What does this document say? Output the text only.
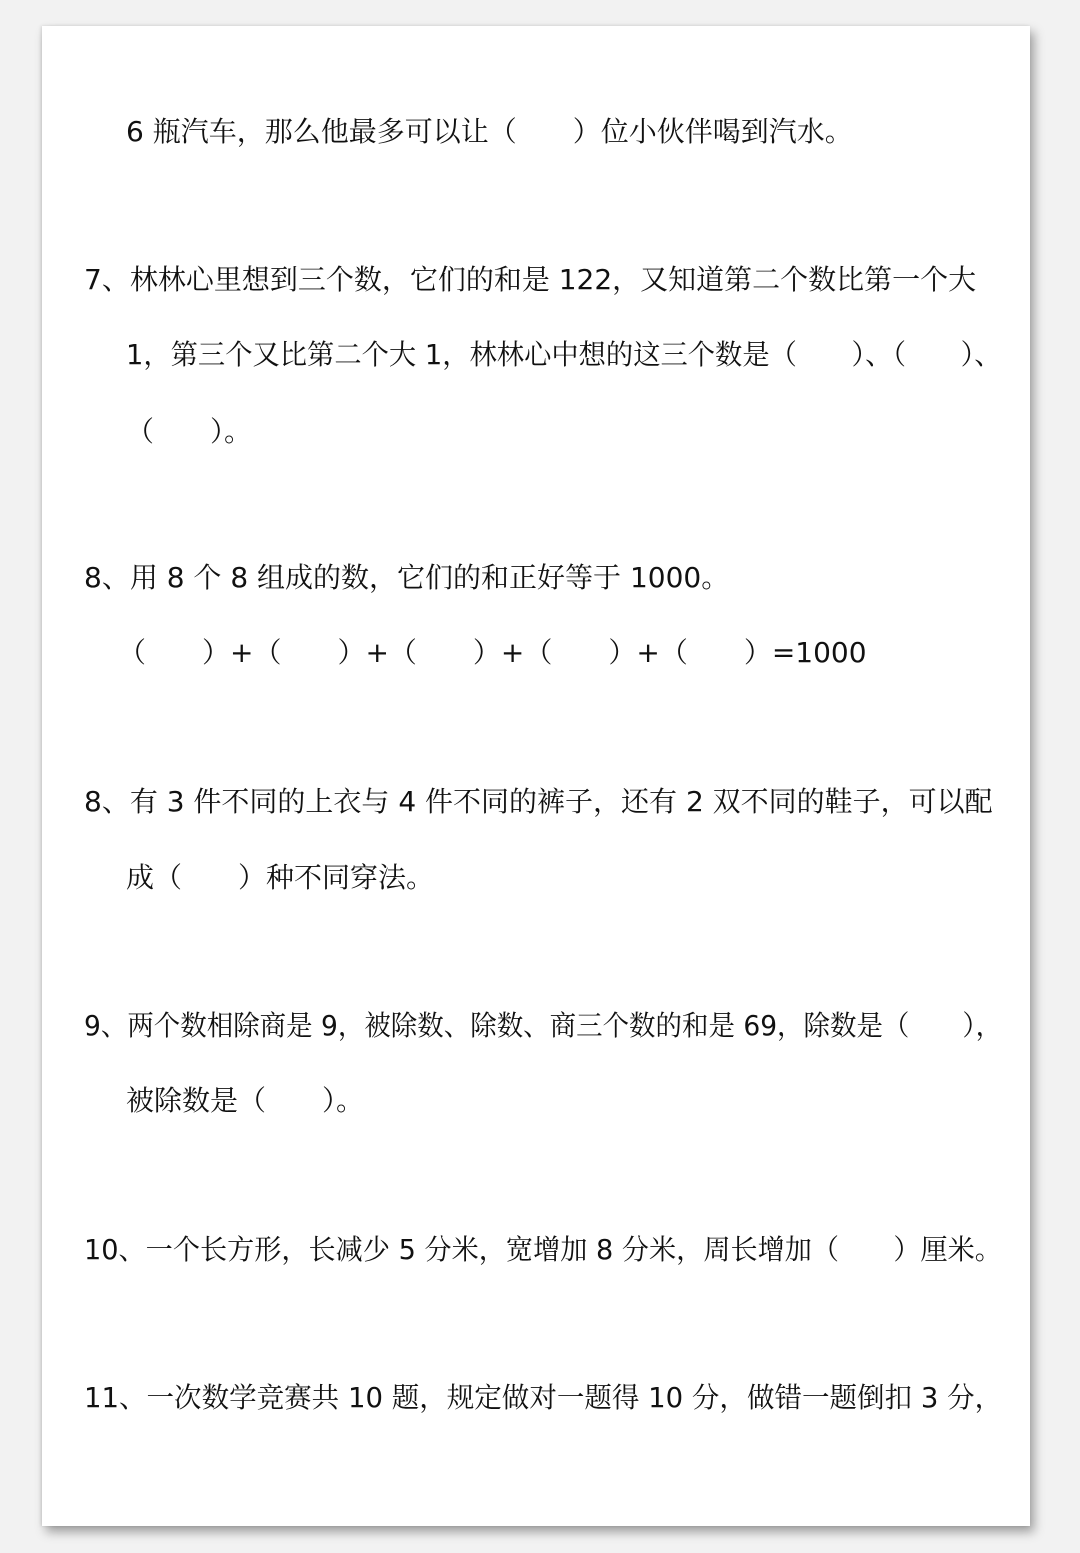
6 瓶汽车，那么他最多可以让（　　）位小伙伴喝到汽水。
7、林林心里想到三个数，它们的和是 122，又知道第二个数比第一个大
1，第三个又比第二个大 1，林林心中想的这三个数是（　　）、（　　）、
（　　）。
8、用 8 个 8 组成的数，它们的和正好等于 1000。
（　　）+（　　）+（　　）+（　　）+（　　）=1000
8、有 3 件不同的上衣与 4 件不同的裤子，还有 2 双不同的鞋子，可以配
成（　　）种不同穿法。
9、两个数相除商是 9，被除数、除数、商三个数的和是 69，除数是（　　），
被除数是（　　）。
10、一个长方形，长减少 5 分米，宽增加 8 分米，周长增加（　　）厘米。
11、一次数学竞赛共 10 题，规定做对一题得 10 分，做错一题倒扣 3 分，
